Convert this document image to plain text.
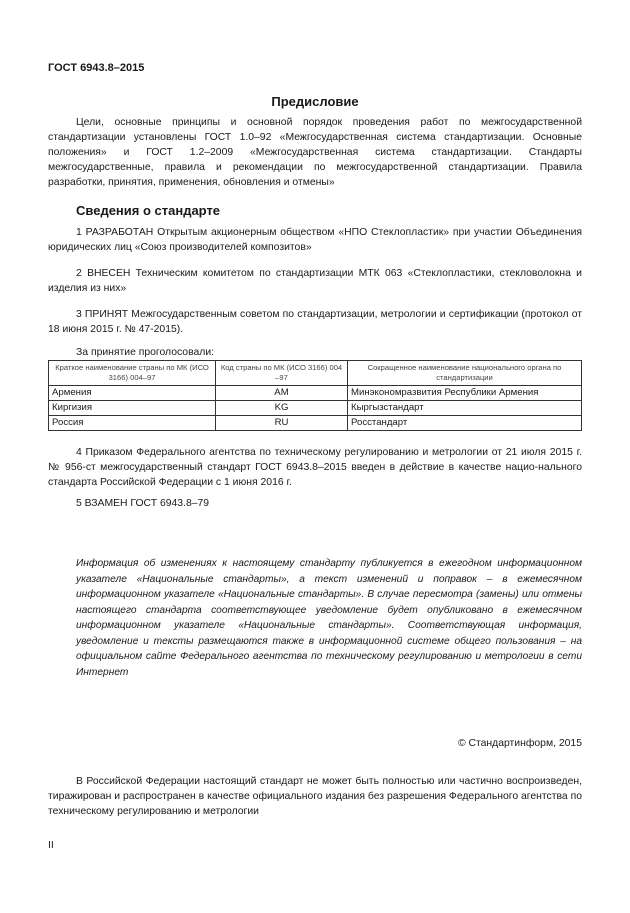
ГОСТ 6943.8–2015
Предисловие

Цели, основные принципы и основной порядок проведения работ по межгосударственной стандартизации установлены ГОСТ 1.0–92 «Межгосударственная система стандартизации. Основные положения» и ГОСТ 1.2–2009 «Межгосударственная система стандартизации. Стандарты межгосударственные, правила и рекомендации по межгосударственной стандартизации. Правила разработки, принятия, применения, обновления и отмены»

Сведения о стандарте

1 РАЗРАБОТАН Открытым акционерным обществом «НПО Стеклопластик» при участии Объединения юридических лиц «Союз производителей композитов»

2 ВНЕСЕН Техническим комитетом по стандартизации МТК 063 «Стеклопластики, стекловолокна и изделия из них»

3 ПРИНЯТ Межгосударственным советом по стандартизации, метрологии и сертификации (протокол от 18 июня 2015 г. № 47-2015).

За принятие проголосовали:
Краткое наименование страны по МК (ИСО 3166) 004–97	Код страны по МК (ИСО 3166) 004 –97	Сокращенное наименование национального органа по стандартизации
Армения	AM	Минэкономразвития Республики Армения
Киргизия	KG	Кыргызстандарт
Россия	RU	Росстандарт

4 Приказом Федерального агентства по техническому регулированию и метрологии от 21 июля 2015 г. № 956-ст межгосударственный стандарт ГОСТ 6943.8–2015 введен в действие в качестве нацио-нального стандарта Российской Федерации с 1 июня 2016 г.

5 ВЗАМЕН ГОСТ 6943.8–79

Информация об изменениях к настоящему стандарту публикуется в ежегодном информационном указателе «Национальные стандарты», а текст изменений и поправок – в ежемесячном информационном указателе «Национальные стандарты». В случае пересмотра (замены) или отмены настоящего стандарта соответствующее уведомление будет опубликовано в ежемесячном информационном указателе «Национальные стандарты». Соответствующая информация, уведомление и тексты размещаются также в информационной системе общего пользования – на официальном сайте Федерального агентства по техническому регулированию и метрологии в сети Интернет

© Стандартинформ, 2015

В Российской Федерации настоящий стандарт не может быть полностью или частично воспроизведен, тиражирован и распространен в качестве официального издания без разрешения Федерального агентства по техническому регулированию и метрологии

II
